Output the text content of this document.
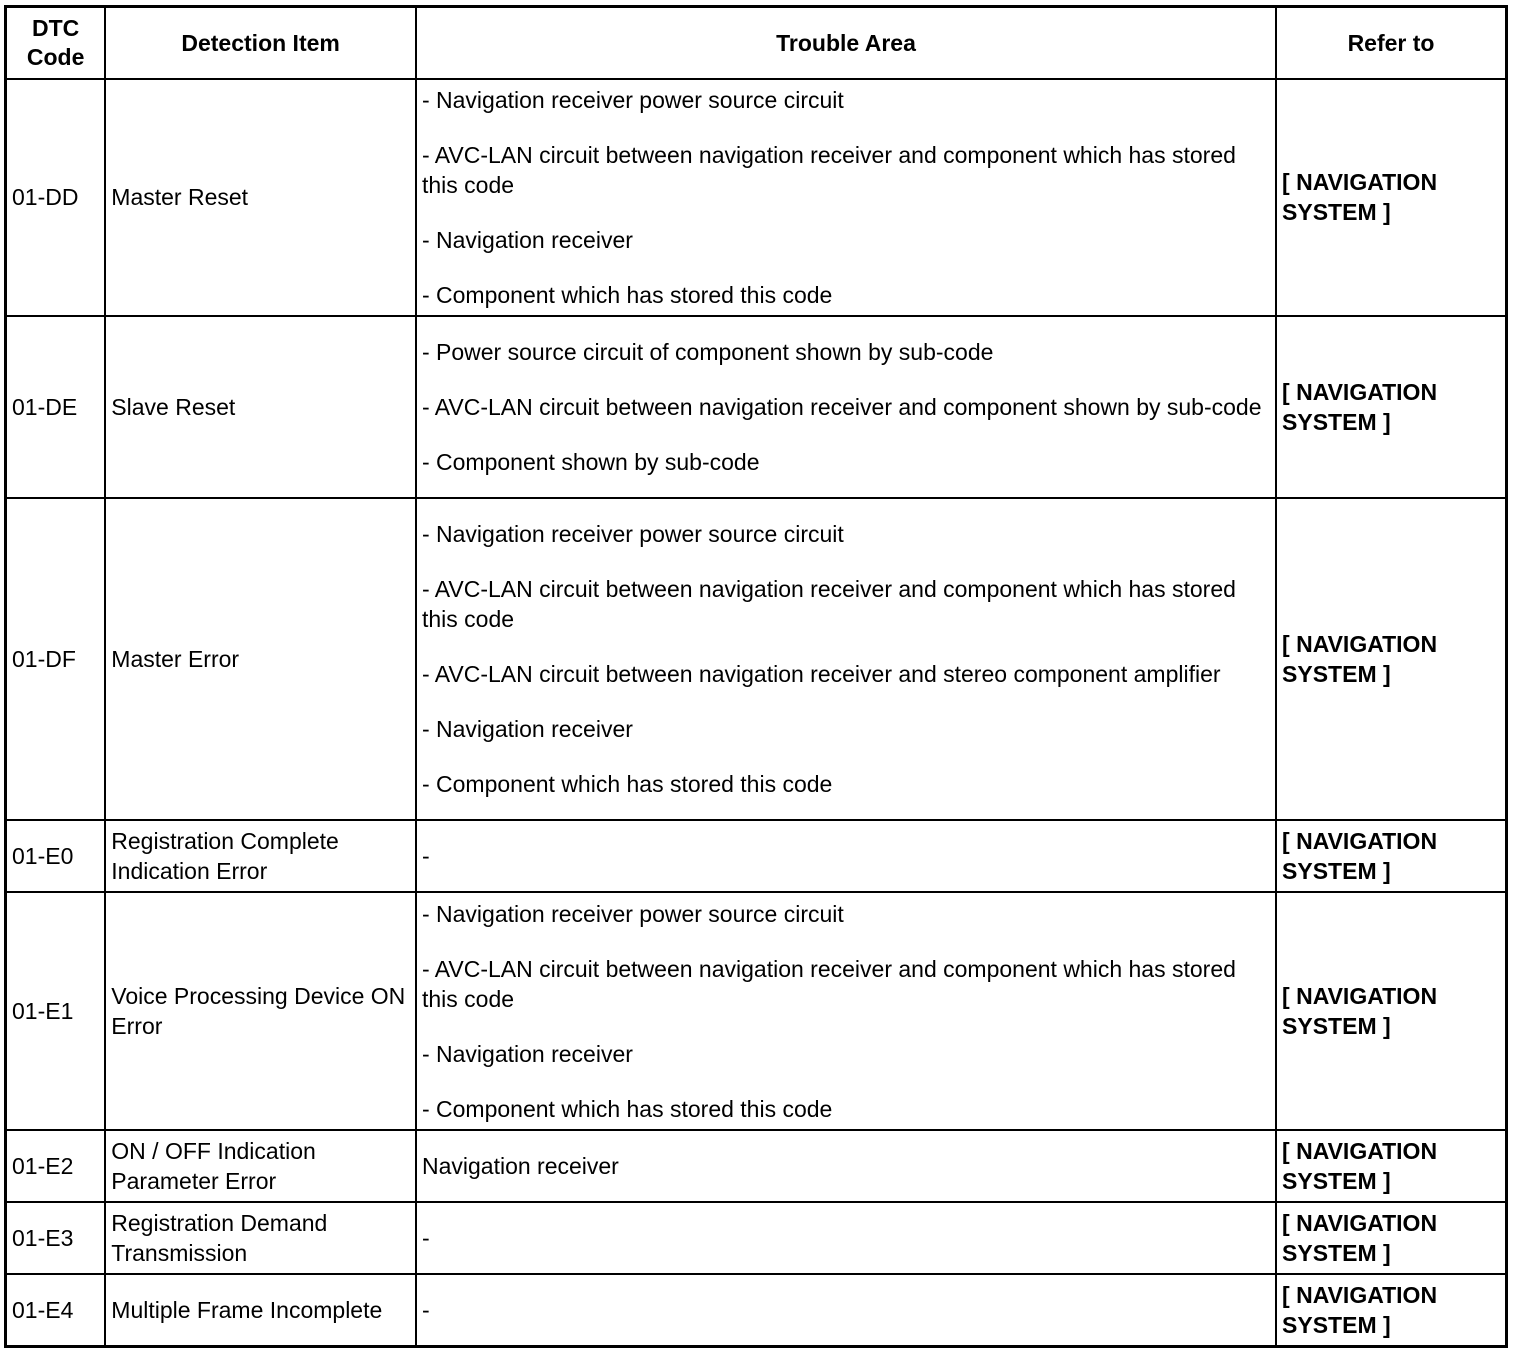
DTC
Code	Detection Item	Trouble Area	Refer to
01-DD	Master Reset	- Navigation receiver power source circuit

- AVC-LAN circuit between navigation receiver and component which has stored this code

- Navigation receiver

- Component which has stored this code	[ NAVIGATION SYSTEM ]
01-DE	Slave Reset	- Power source circuit of component shown by sub-code

- AVC-LAN circuit between navigation receiver and component shown by sub-code

- Component shown by sub-code	[ NAVIGATION SYSTEM ]
01-DF	Master Error	- Navigation receiver power source circuit

- AVC-LAN circuit between navigation receiver and component which has stored this code

- AVC-LAN circuit between navigation receiver and stereo component amplifier

- Navigation receiver

- Component which has stored this code	[ NAVIGATION SYSTEM ]
01-E0	Registration Complete Indication Error	-	[ NAVIGATION SYSTEM ]
01-E1	Voice Processing Device ON Error	- Navigation receiver power source circuit

- AVC-LAN circuit between navigation receiver and component which has stored this code

- Navigation receiver

- Component which has stored this code	[ NAVIGATION SYSTEM ]
01-E2	ON / OFF Indication Parameter Error	Navigation receiver	[ NAVIGATION SYSTEM ]
01-E3	Registration Demand Transmission	-	[ NAVIGATION SYSTEM ]
01-E4	Multiple Frame Incomplete	-	[ NAVIGATION SYSTEM ]
